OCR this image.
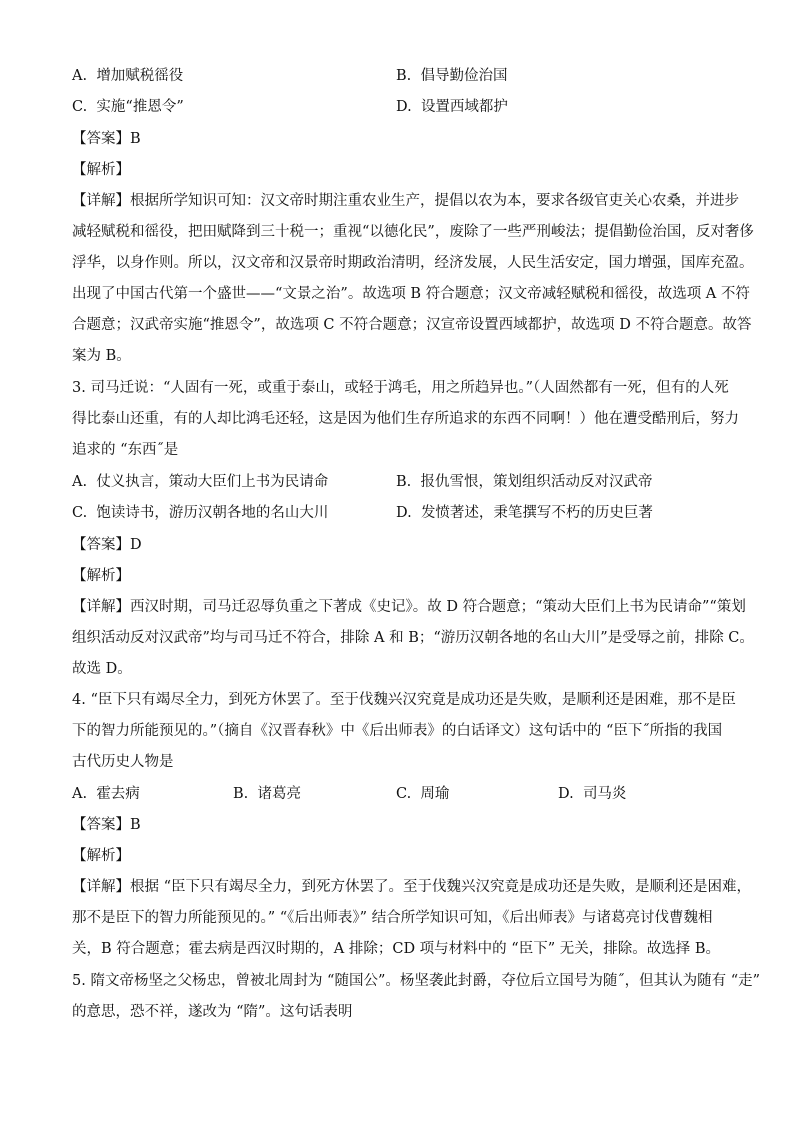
A. 增加赋税徭役	B. 倡导勤俭治国
C. 实施“推恩令”	D. 设置西域都护
【答案】B
【解析】
【详解】根据所学知识可知：汉文帝时期注重农业生产，提倡以农为本，要求各级官吏关心农桑，并进步
减轻赋税和徭役，把田赋降到三十税一；重视“以德化民”，废除了一些严刑峻法；提倡勤俭治国，反对奢侈
浮华，以身作则。所以，汉文帝和汉景帝时期政治清明，经济发展，人民生活安定，国力增强，国库充盈。
出现了中国古代第一个盛世——“文景之治”。故选项 B 符合题意；汉文帝减轻赋税和徭役，故选项 A 不符
合题意；汉武帝实施“推恩令”，故选项 C 不符合题意；汉宣帝设置西域都护，故选项 D 不符合题意。故答
案为 B。
3. 司马迁说：“人固有一死，或重于泰山，或轻于鸿毛，用之所趋异也。”（人固然都有一死，但有的人死
得比泰山还重，有的人却比鸿毛还轻，这是因为他们生存所追求的东西不同啊！）他在遭受酷刑后，努力
追求的 “东西˝是
A. 仗义执言，策动大臣们上书为民请命	B. 报仇雪恨，策划组织活动反对汉武帝
C. 饱读诗书，游历汉朝各地的名山大川	D. 发愤著述，秉笔撰写不朽的历史巨著
【答案】D
【解析】
【详解】西汉时期，司马迁忍辱负重之下著成《史记》。故 D 符合题意；“策动大臣们上书为民请命”“策划
组织活动反对汉武帝”均与司马迁不符合，排除 A 和 B；“游历汉朝各地的名山大川”是受辱之前，排除 C。
故选 D。
4. “臣下只有竭尽全力，到死方休罢了。至于伐魏兴汉究竟是成功还是失败，是顺利还是困难，那不是臣
下的智力所能预见的。”（摘自《汉晋春秋》中《后出师表》的白话译文）这句话中的 “臣下˝所指的我国
古代历史人物是
A. 霍去病	B. 诸葛亮	C. 周瑜	D. 司马炎
【答案】B
【解析】
【详解】根据 “臣下只有竭尽全力，到死方休罢了。至于伐魏兴汉究竟是成功还是失败，是顺利还是困难，
那不是臣下的智力所能预见的。” “《后出师表》” 结合所学知识可知，《后出师表》与诸葛亮讨伐曹魏相
关，B 符合题意；霍去病是西汉时期的，A 排除；CD 项与材料中的 “臣下” 无关，排除。故选择 B。
5. 隋文帝杨坚之父杨忠，曾被北周封为 “随国公”。杨坚袭此封爵，夺位后立国号为随˝，但其认为随有 “走”
的意思，恐不祥，遂改为 “隋”。这句话表明
